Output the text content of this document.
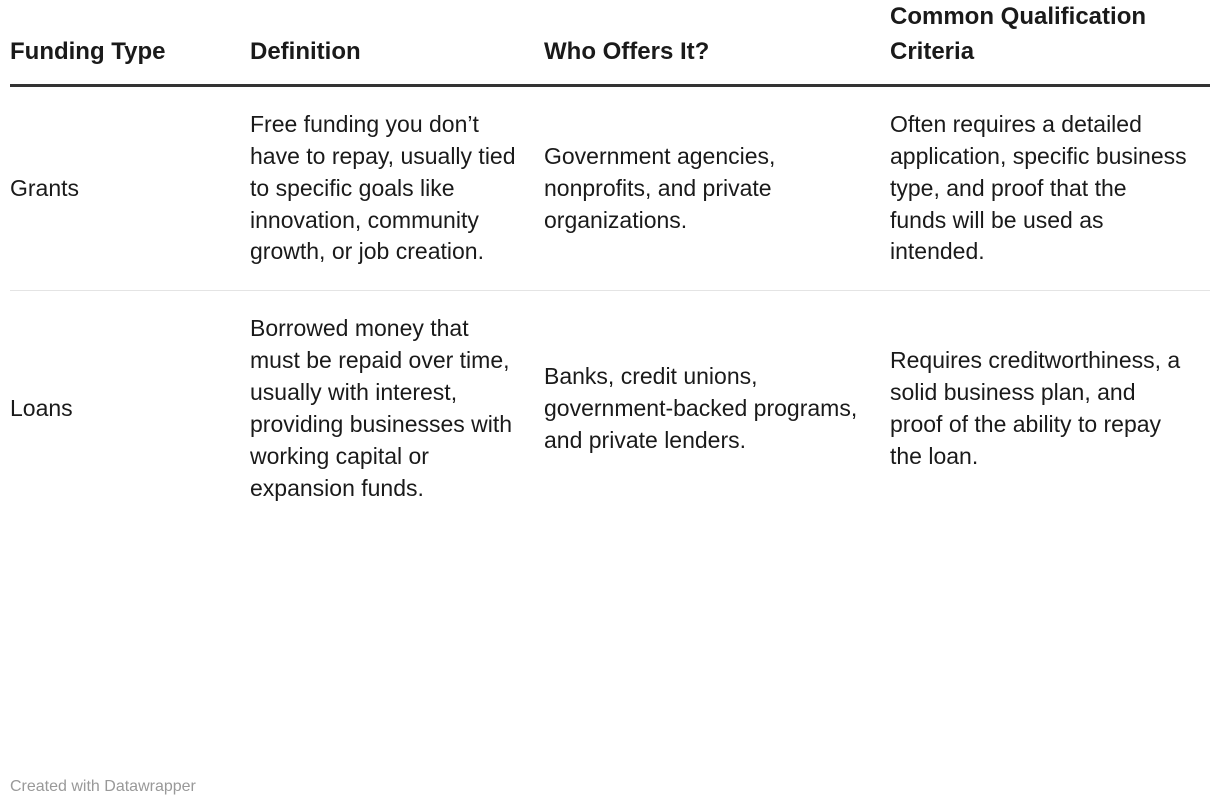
Funding Type	Definition	Who Offers It?	Common Qualification Criteria

Grants	Free funding you don’t have to repay, usually tied to specific goals like innovation, community growth, or job creation.	Government agencies, nonprofits, and private organizations.	Often requires a detailed application, specific business type, and proof that the funds will be used as intended.

Loans	Borrowed money that must be repaid over time, usually with interest, providing businesses with working capital or expansion funds.	Banks, credit unions, government-backed programs, and private lenders.	Requires creditworthiness, a solid business plan, and proof of the ability to repay the loan.
Created with Datawrapper
